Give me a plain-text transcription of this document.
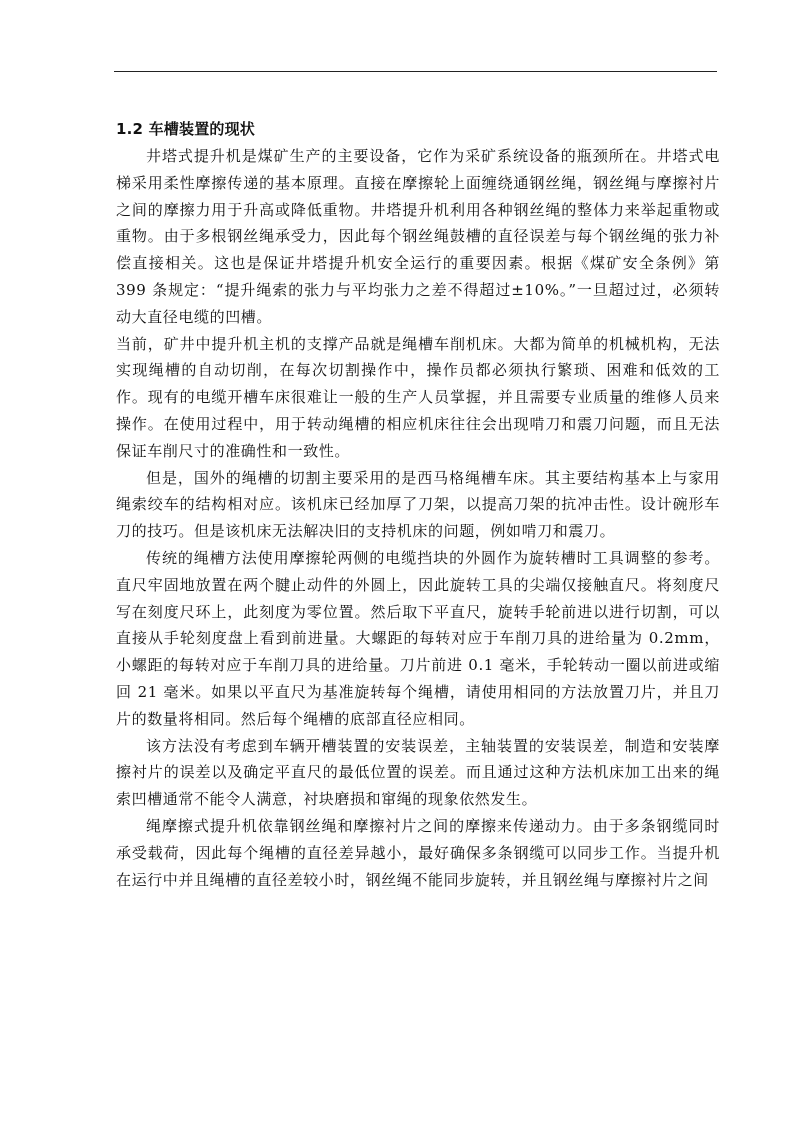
1.2 车槽装置的现状

井塔式提升机是煤矿生产的主要设备，它作为采矿系统设备的瓶颈所在。井塔式电梯采用柔性摩擦传递的基本原理。直接在摩擦轮上面缠绕通钢丝绳，钢丝绳与摩擦衬片之间的摩擦力用于升高或降低重物。井塔提升机利用各种钢丝绳的整体力来举起重物或重物。由于多根钢丝绳承受力，因此每个钢丝绳鼓槽的直径误差与每个钢丝绳的张力补偿直接相关。这也是保证井塔提升机安全运行的重要因素。根据《煤矿安全条例》第 399 条规定：“提升绳索的张力与平均张力之差不得超过±10%。”一旦超过过，必须转动大直径电缆的凹槽。

当前，矿井中提升机主机的支撑产品就是绳槽车削机床。大都为简单的机械机构，无法实现绳槽的自动切削，在每次切割操作中，操作员都必须执行繁琐、困难和低效的工作。现有的电缆开槽车床很难让一般的生产人员掌握，并且需要专业质量的维修人员来操作。在使用过程中，用于转动绳槽的相应机床往往会出现啃刀和震刀问题，而且无法保证车削尺寸的准确性和一致性。

但是，国外的绳槽的切割主要采用的是西马格绳槽车床。其主要结构基本上与家用绳索绞车的结构相对应。该机床已经加厚了刀架，以提高刀架的抗冲击性。设计碗形车刀的技巧。但是该机床无法解决旧的支持机床的问题，例如啃刀和震刀。

传统的绳槽方法使用摩擦轮两侧的电缆挡块的外圆作为旋转槽时工具调整的参考。直尺牢固地放置在两个腱止动件的外圆上，因此旋转工具的尖端仅接触直尺。将刻度尺写在刻度尺环上，此刻度为零位置。然后取下平直尺，旋转手轮前进以进行切割，可以直接从手轮刻度盘上看到前进量。大螺距的每转对应于车削刀具的进给量为 0.2mm，小螺距的每转对应于车削刀具的进给量。刀片前进 0.1 毫米，手轮转动一圈以前进或缩回 21 毫米。如果以平直尺为基准旋转每个绳槽，请使用相同的方法放置刀片，并且刀片的数量将相同。然后每个绳槽的底部直径应相同。

该方法没有考虑到车辆开槽装置的安装误差，主轴装置的安装误差，制造和安装摩擦衬片的误差以及确定平直尺的最低位置的误差。而且通过这种方法机床加工出来的绳索凹槽通常不能令人满意，衬块磨损和窜绳的现象依然发生。

绳摩擦式提升机依靠钢丝绳和摩擦衬片之间的摩擦来传递动力。由于多条钢缆同时承受载荷，因此每个绳槽的直径差异越小，最好确保多条钢缆可以同步工作。当提升机在运行中并且绳槽的直径差较小时，钢丝绳不能同步旋转，并且钢丝绳与摩擦衬片之间
